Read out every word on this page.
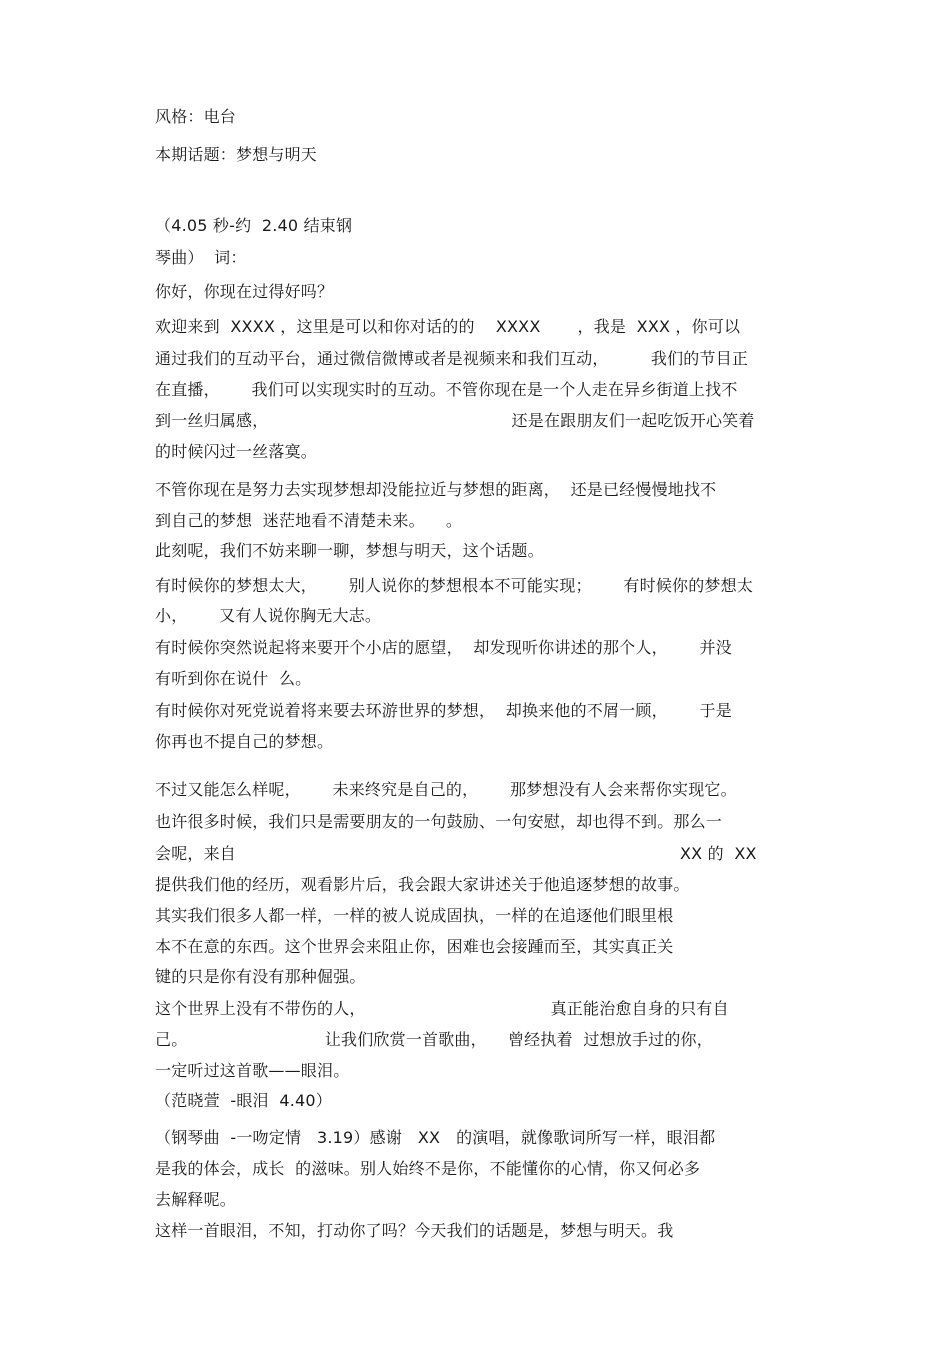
风格：电台

本期话题：梦想与明天

（4.05 秒-约  2.40 结束钢

琴曲）  词：

你好，你现在过得好吗？

欢迎来到  XXXX ，这里是可以和你对话的的    XXXX       ，我是  XXX ，你可以

通过我们的互动平台，通过微信微博或者是视频来和我们互动，        我们的节目正

在直播，      我们可以实现实时的互动。不管你现在是一个人走在异乡街道上找不

到一丝归属感，                                              还是在跟朋友们一起吃饭开心笑着

的时候闪过一丝落寞。

不管你现在是努力去实现梦想却没能拉近与梦想的距离，  还是已经慢慢地找不

到自己的梦想  迷茫地看不清楚未来。    。

此刻呢，我们不妨来聊一聊，梦想与明天，这个话题。

有时候你的梦想太大，      别人说你的梦想根本不可能实现；      有时候你的梦想太

小，      又有人说你胸无大志。

有时候你突然说起将来要开个小店的愿望，  却发现听你讲述的那个人，      并没

有听到你在说什  么。

有时候你对死党说着将来要去环游世界的梦想，  却换来他的不屑一顾，      于是

你再也不提自己的梦想。

不过又能怎么样呢，      未来终究是自己的，      那梦想没有人会来帮你实现它。

也许很多时候，我们只是需要朋友的一句鼓励、一句安慰，却也得不到。那么一

会呢，来自                                                                                    XX 的  XX

提供我们他的经历，观看影片后，我会跟大家讲述关于他追逐梦想的故事。

其实我们很多人都一样，一样的被人说成固执，一样的在追逐他们眼里根

本不在意的东西。这个世界会来阻止你，困难也会接踵而至，其实真正关

键的只是你有没有那种倔强。

这个世界上没有不带伤的人，                                   真正能治愈自身的只有自

己。                          让我们欣赏一首歌曲，    曾经执着  过想放手过的你，

一定听过这首歌——眼泪。

（范晓萱  -眼泪  4.40）

（钢琴曲  -一吻定情   3.19）感谢   XX   的演唱，就像歌词所写一样，眼泪都

是我的体会，成长  的滋味。别人始终不是你，不能懂你的心情，你又何必多

去解释呢。

这样一首眼泪，不知，打动你了吗？今天我们的话题是，梦想与明天。我
